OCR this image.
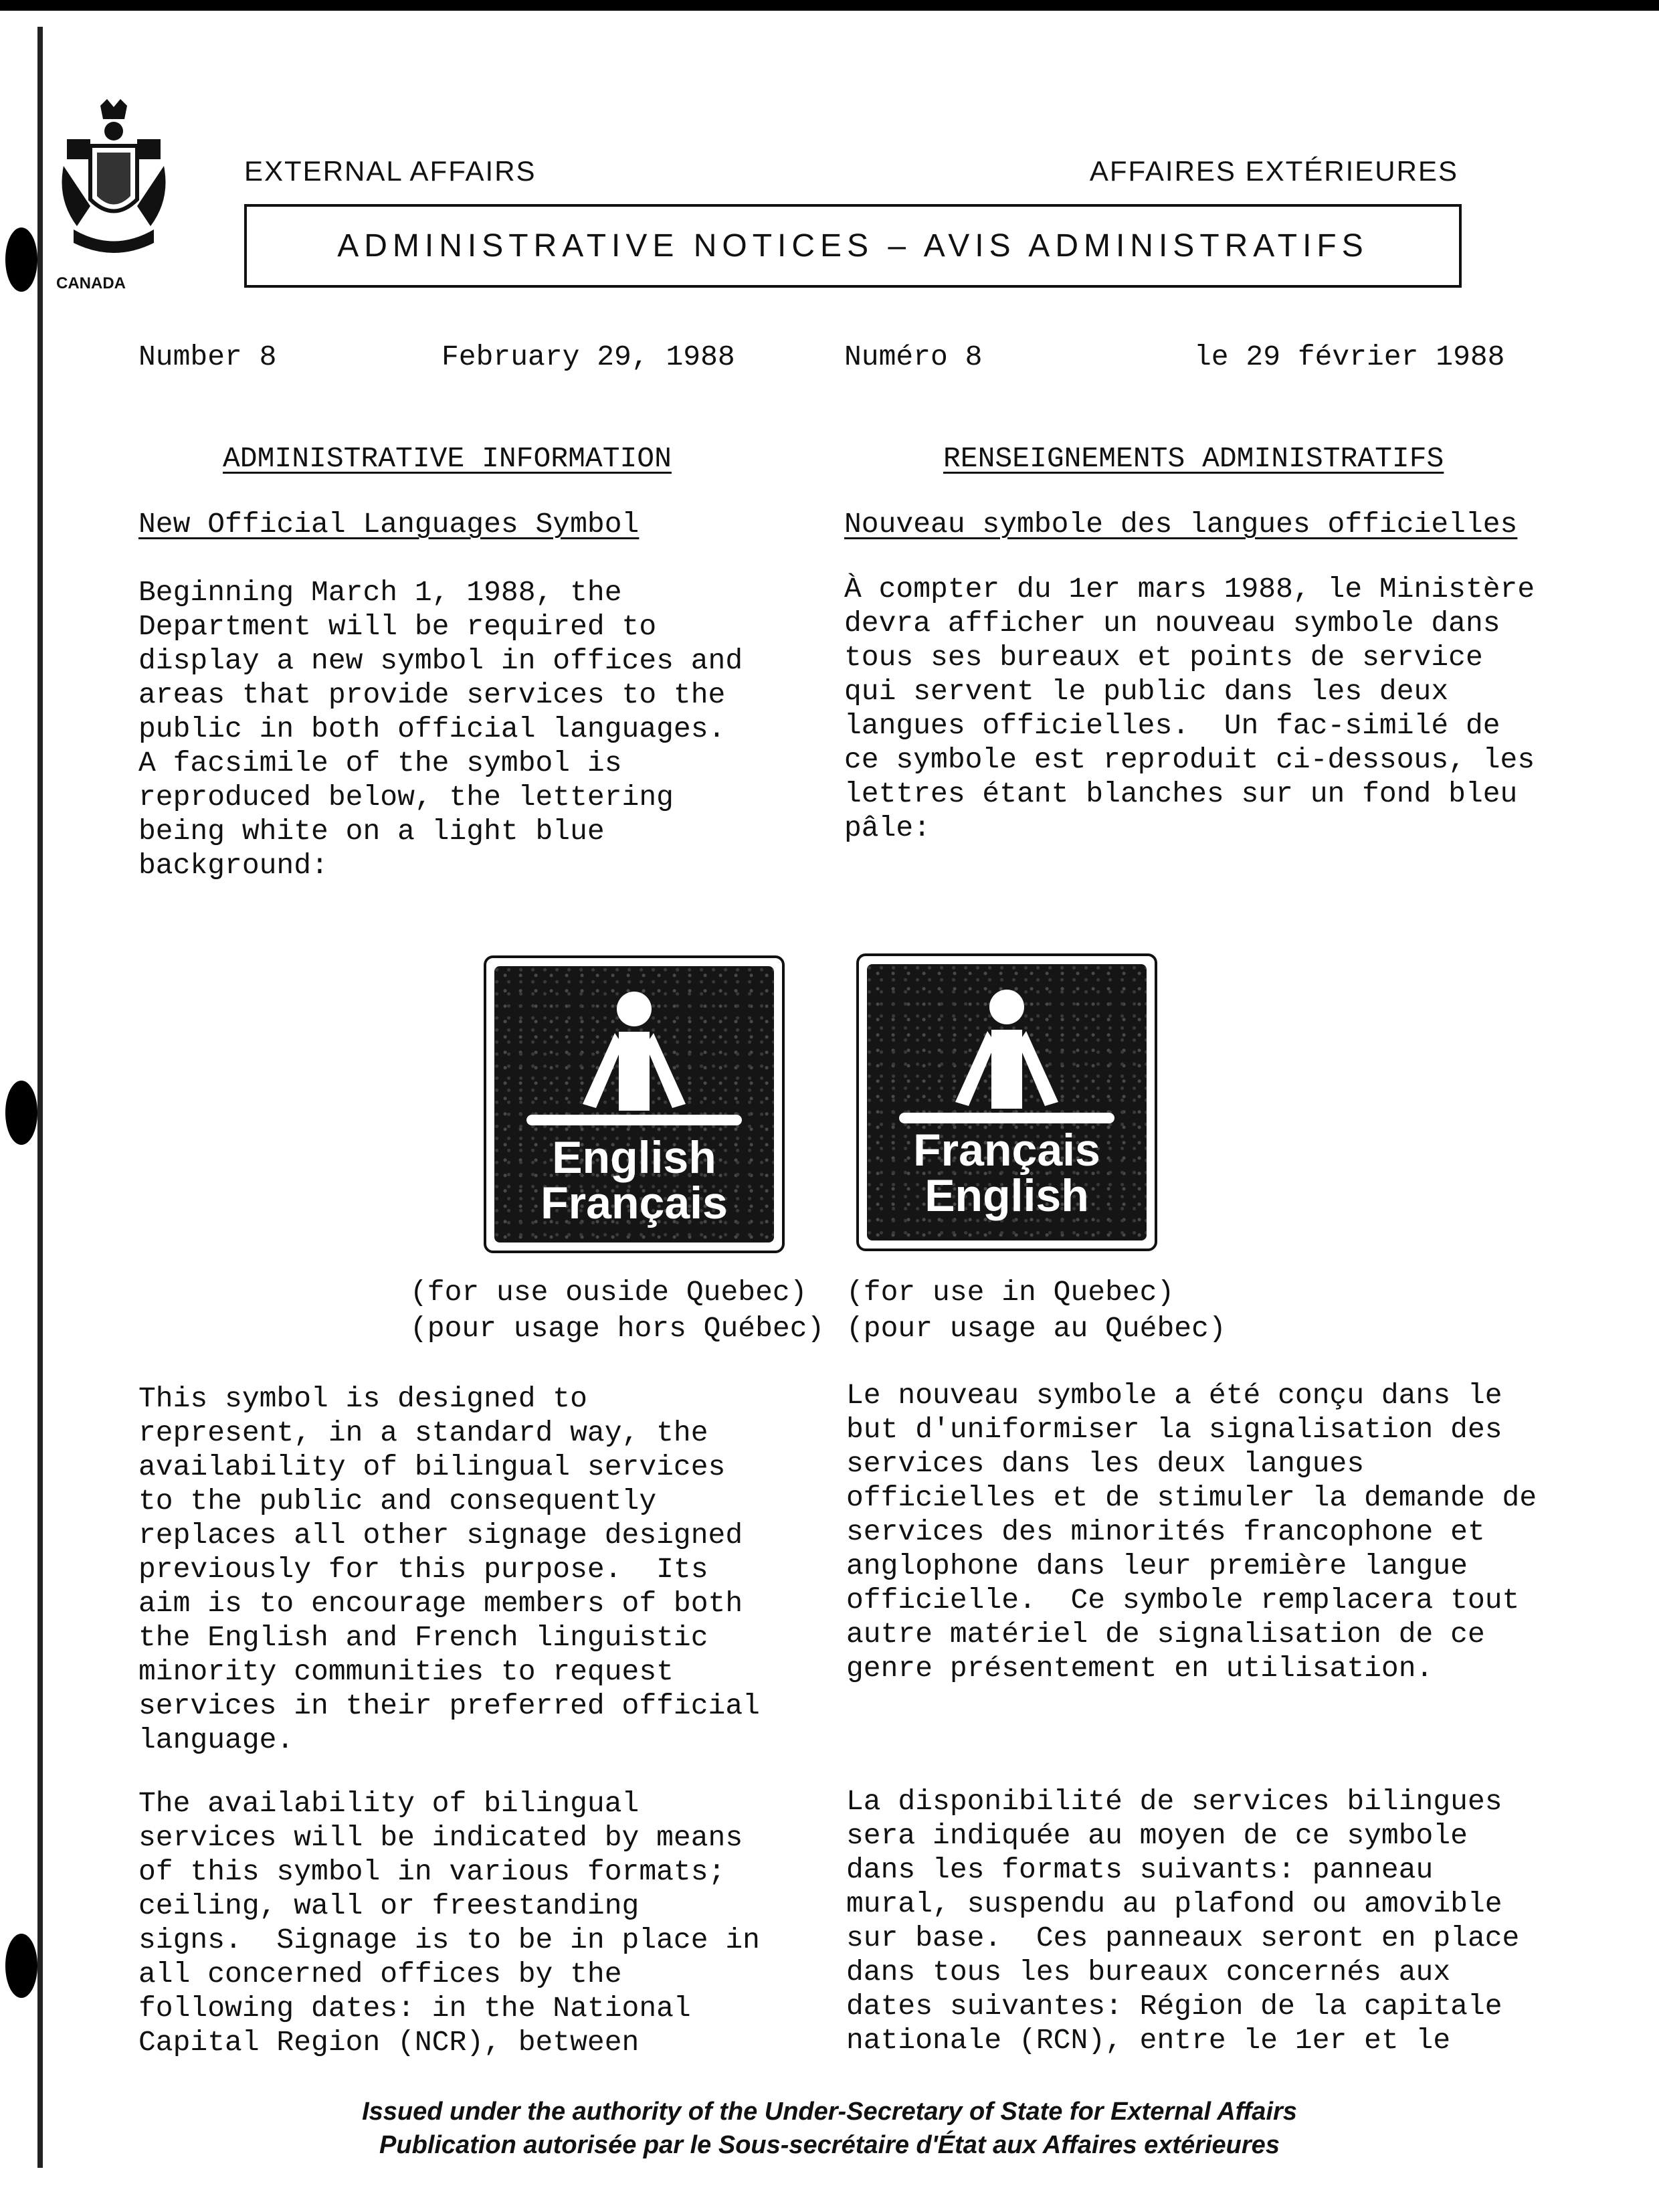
CANADA
EXTERNAL AFFAIRS	AFFAIRES EXTÉRIEURES
ADMINISTRATIVE NOTICES – AVIS ADMINISTRATIFS
Number 8	February 29, 1988	Numéro 8	le 29 février 1988
ADMINISTRATIVE INFORMATION	RENSEIGNEMENTS ADMINISTRATIFS
New Official Languages Symbol	Nouveau symbole des langues officielles
Beginning March 1, 1988, the
Department will be required to
display a new symbol in offices and
areas that provide services to the
public in both official languages.
A facsimile of the symbol is
reproduced below, the lettering
being white on a light blue
background:
À compter du 1er mars 1988, le Ministère
devra afficher un nouveau symbole dans
tous ses bureaux et points de service
qui servent le public dans les deux
langues officielles.  Un fac-similé de
ce symbole est reproduit ci-dessous, les
lettres étant blanches sur un fond bleu
pâle:
English
Français
Français
English
(for use ouside Quebec)
(pour usage hors Québec)
(for use in Quebec)
(pour usage au Québec)
This symbol is designed to
represent, in a standard way, the
availability of bilingual services
to the public and consequently
replaces all other signage designed
previously for this purpose.  Its
aim is to encourage members of both
the English and French linguistic
minority communities to request
services in their preferred official
language.
Le nouveau symbole a été conçu dans le
but d'uniformiser la signalisation des
services dans les deux langues
officielles et de stimuler la demande de
services des minorités francophone et
anglophone dans leur première langue
officielle.  Ce symbole remplacera tout
autre matériel de signalisation de ce
genre présentement en utilisation.
The availability of bilingual
services will be indicated by means
of this symbol in various formats;
ceiling, wall or freestanding
signs.  Signage is to be in place in
all concerned offices by the
following dates: in the National
Capital Region (NCR), between
La disponibilité de services bilingues
sera indiquée au moyen de ce symbole
dans les formats suivants: panneau
mural, suspendu au plafond ou amovible
sur base.  Ces panneaux seront en place
dans tous les bureaux concernés aux
dates suivantes: Région de la capitale
nationale (RCN), entre le 1er et le
Issued under the authority of the Under-Secretary of State for External Affairs
Publication autorisée par le Sous-secrétaire d'État aux Affaires extérieures
